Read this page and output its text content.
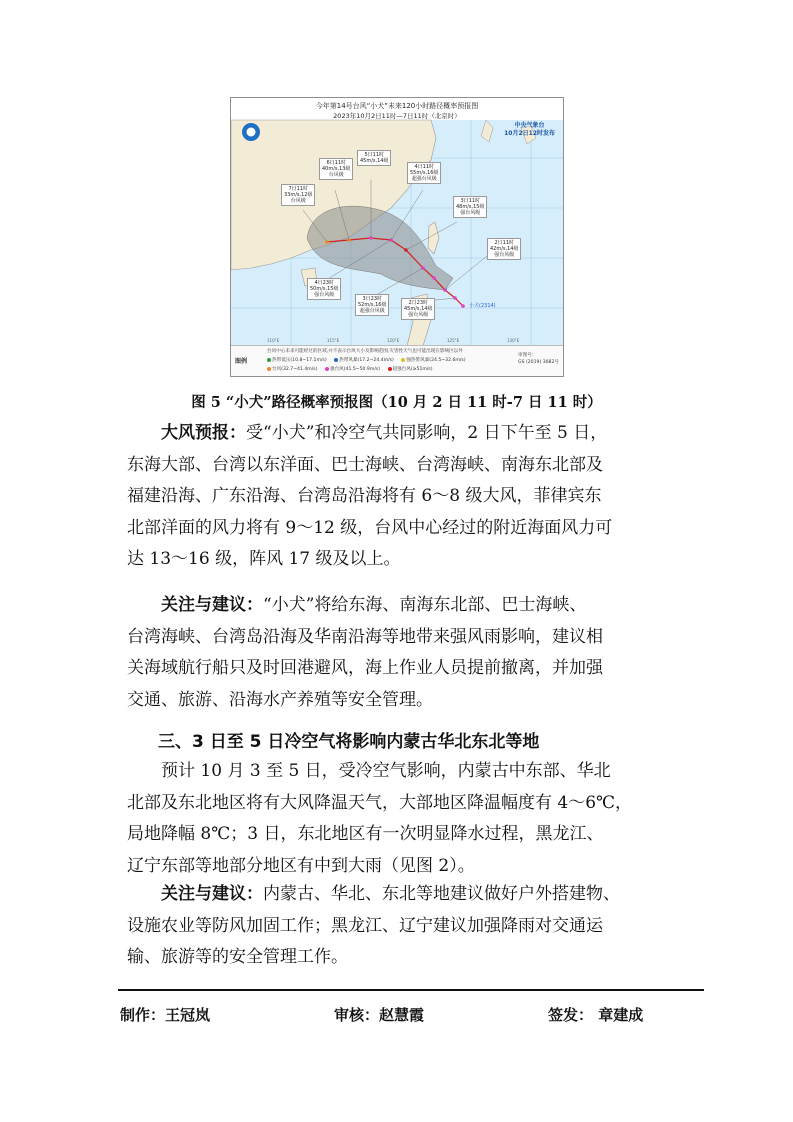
110°E	115°E	120°E	125°E	130°E
今年第14号台风“小犬”未来120小时路径概率预报图
2023年10月2日11时—7日11时（北京时）
中央气象台
10月2日12时发布
6日11时
40m/s,13级
台风级
5日11时
45m/s,14级
4日11时
55m/s,16级
超强台风级
7日11时
33m/s,12级
台风级	3日11时
48m/s,15级
强台风级
2日11时
42m/s,14级
强台风级
4日23时
50m/s,15级
强台风级
3日23时
52m/s,16级
超强台风级
2日23时
45m/s,14级
强台风级
小犬(2314)
图例
台风中心未来可能经过的区域,并不表示台风大小及影响范围,灾害性天气也可能出现在影响区以外
热带低压(10.8~17.1m/s)	热带风暴(17.2~24.4m/s)	强热带风暴(24.5~32.6m/s)
台风(32.7~41.4m/s)	强台风(41.5~50.9m/s)	超强台风(≥51m/s)
审图号:
GS (2019) 3082号
图 5 “小犬”路径概率预报图（10 月 2 日 11 时-7 日 11 时）
大风预报：受“小犬”和冷空气共同影响，2 日下午至 5 日，
东海大部、台湾以东洋面、巴士海峡、台湾海峡、南海东北部及
福建沿海、广东沿海、台湾岛沿海将有 6～8 级大风，菲律宾东
北部洋面的风力将有 9～12 级，台风中心经过的附近海面风力可
达 13～16 级，阵风 17 级及以上。
关注与建议：“小犬”将给东海、南海东北部、巴士海峡、
台湾海峡、台湾岛沿海及华南沿海等地带来强风雨影响，建议相
关海域航行船只及时回港避风，海上作业人员提前撤离，并加强
交通、旅游、沿海水产养殖等安全管理。
三、3 日至 5 日冷空气将影响内蒙古华北东北等地
预计 10 月 3 至 5 日，受冷空气影响，内蒙古中东部、华北
北部及东北地区将有大风降温天气，大部地区降温幅度有 4～6℃，
局地降幅 8℃；3 日，东北地区有一次明显降水过程，黑龙江、
辽宁东部等地部分地区有中到大雨（见图 2）。
关注与建议：内蒙古、华北、东北等地建议做好户外搭建物、
设施农业等防风加固工作；黑龙江、辽宁建议加强降雨对交通运
输、旅游等的安全管理工作。
制作：王冠岚	审核：赵慧霞	签发： 章建成
